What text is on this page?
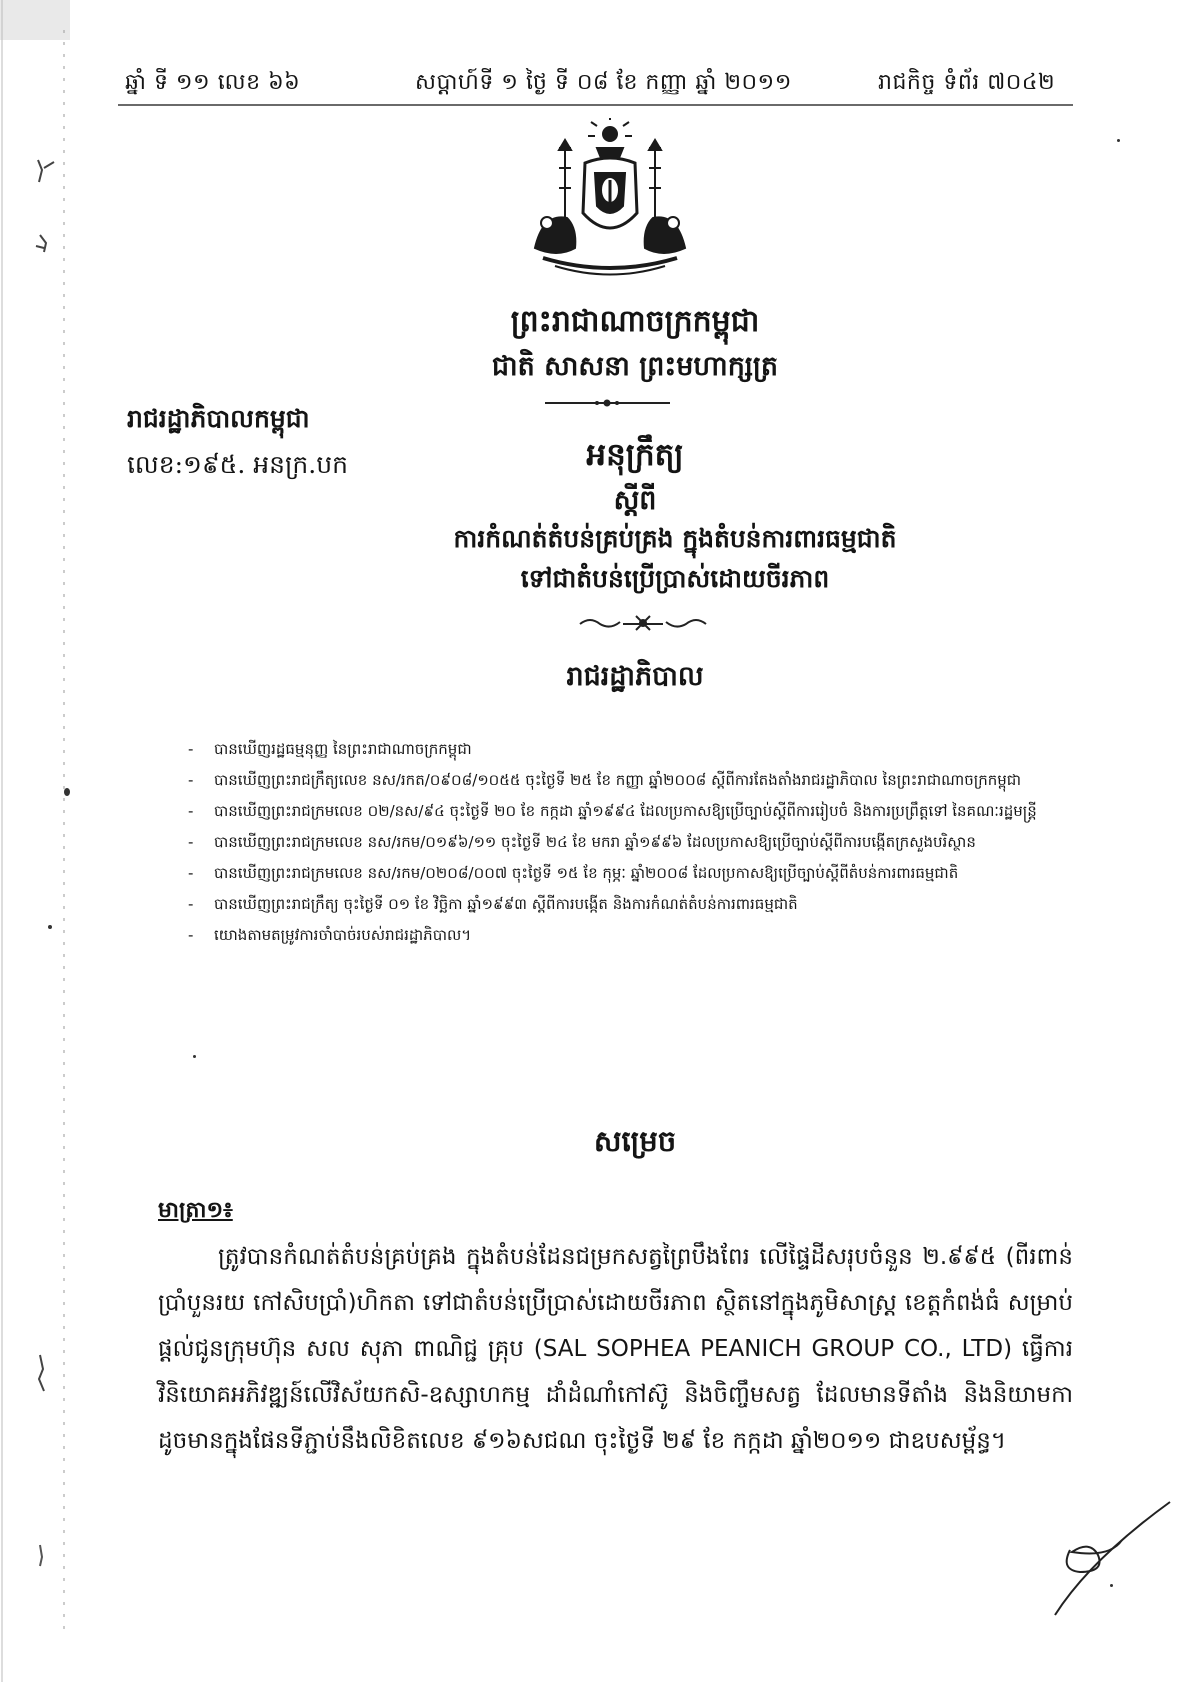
ឆ្នាំ ទី ១១ លេខ ៦៦	សប្ដាហ៍ទី ១ ថ្ងៃ ទី ០៨ ខែ កញ្ញា ឆ្នាំ ២០១១	រាជកិច្ច ទំព័រ ៧០៤២
ព្រះរាជាណាចក្រកម្ពុជា
ជាតិ សាសនា ព្រះមហាក្សត្រ
រាជរដ្ឋាភិបាលកម្ពុជា
លេខ:១៩៥. អនក្រ.បក	អនុក្រឹត្យ
ស្ដីពី
ការកំណត់តំបន់គ្រប់គ្រង ក្នុងតំបន់ការពារធម្មជាតិ
ទៅជាតំបន់ប្រើប្រាស់ដោយចីរភាព
រាជរដ្ឋាភិបាល
- បានឃើញរដ្ឋធម្មនុញ្ញ នៃព្រះរាជាណាចក្រកម្ពុជា
- បានឃើញព្រះរាជក្រឹត្យលេខ នស/រកត/០៩០៨/១០៥៥ ចុះថ្ងៃទី ២៥ ខែ កញ្ញា ឆ្នាំ២០០៨ ស្ដីពីការតែងតាំងរាជរដ្ឋាភិបាល នៃព្រះរាជាណាចក្រកម្ពុជា
- បានឃើញព្រះរាជក្រមលេខ ០២/នស/៩៤ ចុះថ្ងៃទី ២០ ខែ កក្កដា ឆ្នាំ១៩៩៤ ដែលប្រកាសឱ្យប្រើច្បាប់ស្ដីពីការរៀបចំ និងការប្រព្រឹត្តទៅ នៃគណៈរដ្ឋមន្ត្រី
- បានឃើញព្រះរាជក្រមលេខ នស/រកម/០១៩៦/១១ ចុះថ្ងៃទី ២៤ ខែ មករា ឆ្នាំ១៩៩៦ ដែលប្រកាសឱ្យប្រើច្បាប់ស្ដីពីការបង្កើតក្រសួងបរិស្ថាន
- បានឃើញព្រះរាជក្រមលេខ នស/រកម/០២០៨/០០៧ ចុះថ្ងៃទី ១៥ ខែ កុម្ភៈ ឆ្នាំ២០០៨ ដែលប្រកាសឱ្យប្រើច្បាប់ស្ដីពីតំបន់ការពារធម្មជាតិ
- បានឃើញព្រះរាជក្រឹត្យ ចុះថ្ងៃទី ០១ ខែ វិច្ឆិកា ឆ្នាំ១៩៩៣ ស្ដីពីការបង្កើត និងការកំណត់តំបន់ការពារធម្មជាតិ
- យោងតាមតម្រូវការចាំបាច់របស់រាជរដ្ឋាភិបាល។
សម្រេច
មាត្រា១៖
ត្រូវបានកំណត់តំបន់គ្រប់គ្រង ក្នុងតំបន់ដែនជម្រកសត្វព្រៃបឹងពែរ លើផ្ទៃដីសរុបចំនួន ២.៩៩៥ (ពីរពាន់ ប្រាំបួនរយ កៅសិបប្រាំ)ហិកតា ទៅជាតំបន់ប្រើប្រាស់ដោយចីរភាព ស្ថិតនៅក្នុងភូមិសាស្ត្រ ខេត្តកំពង់ធំ សម្រាប់ផ្ដល់ជូនក្រុមហ៊ុន សល សុភា ពាណិជ្ជ គ្រុប (SAL SOPHEA PEANICH GROUP CO., LTD) ធ្វើការវិនិយោគអភិវឌ្ឍន៍លើវិស័យកសិ-ឧស្សាហកម្ម ដាំដំណាំកៅស៊ូ និងចិញ្ចឹមសត្វ ដែលមានទីតាំង និងនិយាមកា ដូចមានក្នុងផែនទីភ្ជាប់នឹងលិខិតលេខ ៩១៦សជណ ចុះថ្ងៃទី ២៩ ខែ កក្កដា ឆ្នាំ២០១១ ជាឧបសម្ព័ន្ធ។
